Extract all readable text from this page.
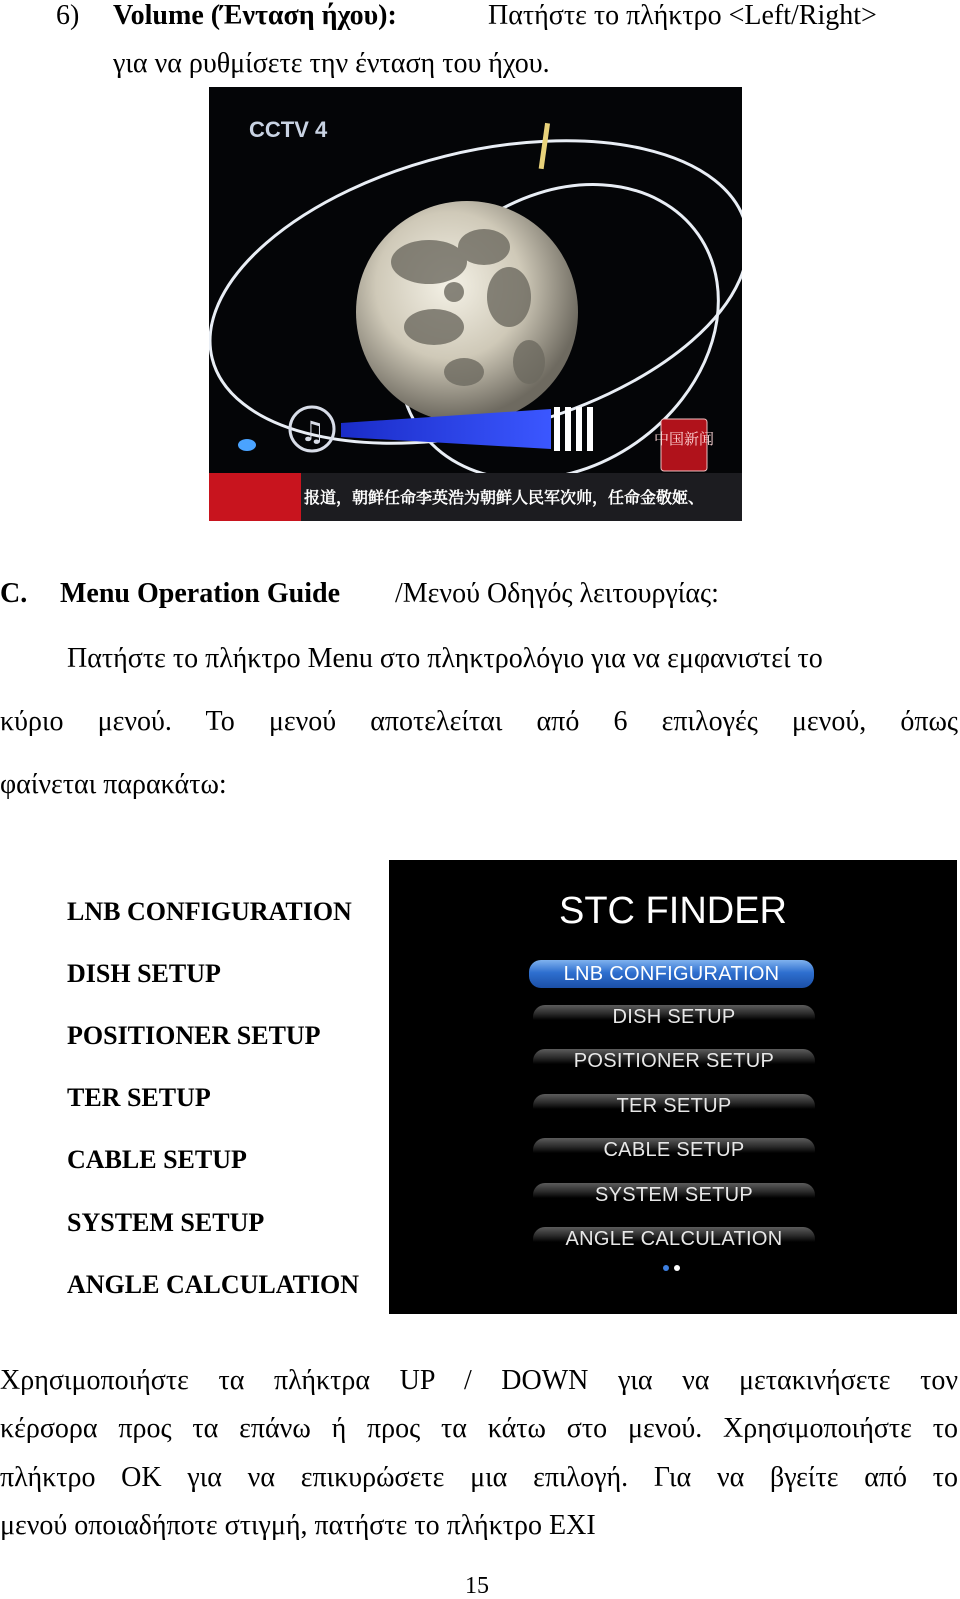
6) Volume (Ένταση ήχου):	Πατήστε το πλήκτρο <Left/Right>
για να ρυθμίσετε την ένταση του ήχου.
CCTV 4
♫	中国新闻
报道，朝鲜任命李英浩为朝鲜人民军次帅，任命金敬姬、
C. Menu Operation Guide /Μενού Οδηγός λειτουργίας:
Πατήστε το πλήκτρο Menu στο πληκτρολόγιο για να εμφανιστεί το
κύριο μενού. Το μενού αποτελείται από 6 επιλογές μενού, όπως
φαίνεται παρακάτω:
LNB CONFIGURATION
DISH SETUP
POSITIONER SETUP
TER SETUP
CABLE SETUP
SYSTEM SETUP
ANGLE CALCULATION
STC FINDER
LNB CONFIGURATION
DISH SETUP
POSITIONER SETUP
TER SETUP
CABLE SETUP
SYSTEM SETUP
ANGLE CALCULATION
Χρησιμοποιήστε τα πλήκτρα UP / DOWN για να μετακινήσετε τον
κέρσορα προς τα επάνω ή προς τα κάτω στο μενού. Χρησιμοποιήστε το
πλήκτρο OK για να επικυρώσετε μια επιλογή. Για να βγείτε από το
μενού οποιαδήποτε στιγμή, πατήστε το πλήκτρο EXI
15
